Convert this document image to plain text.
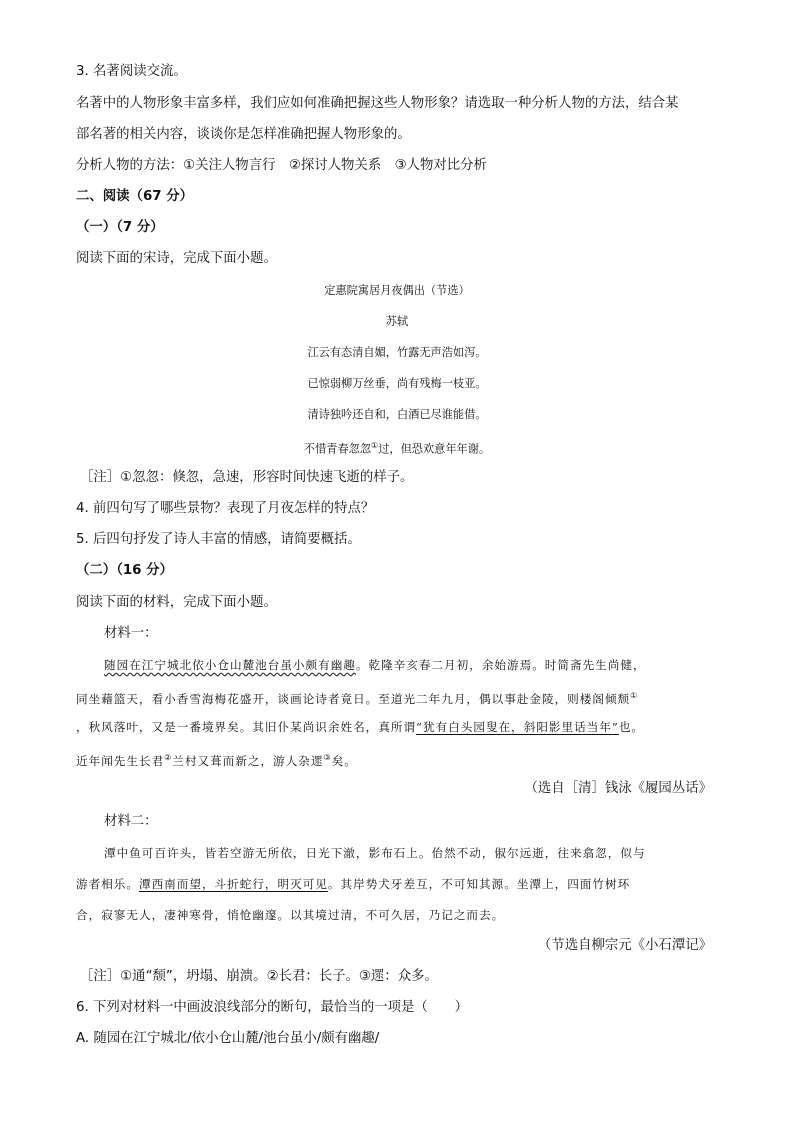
3. 名著阅读交流。
名著中的人物形象丰富多样，我们应如何准确把握这些人物形象？请选取一种分析人物的方法，结合某
部名著的相关内容，谈谈你是怎样准确把握人物形象的。
分析人物的方法：①关注人物言行　②探讨人物关系　③人物对比分析
二、阅读（67 分）
（一）（7 分）
阅读下面的宋诗，完成下面小题。
定惠院寓居月夜偶出（节选）
苏轼
江云有态清自媚，竹露无声浩如泻。
已惊弱柳万丝垂，尚有残梅一枝亚。
清诗独吟还自和，白酒已尽谁能借。
不惜青春忽忽①过，但恐欢意年年谢。
［注］①忽忽：倏忽，急速，形容时间快速飞逝的样子。
4. 前四句写了哪些景物？表现了月夜怎样的特点？
5. 后四句抒发了诗人丰富的情感，请简要概括。
（二）（16 分）
阅读下面的材料，完成下面小题。
材料一：
随园在江宁城北依小仓山麓池台虽小颇有幽趣。乾隆辛亥春二月初，余始游焉。时简斋先生尚健，
同坐藉篮天，看小香雪海梅花盛开，谈画论诗者竟日。至道光二年九月，偶以事赴金陵，则楼阁倾颓①
，秋风落叶，又是一番境界矣。其旧仆某尚识余姓名，真所谓“犹有白头园叟在，斜阳影里话当年”也。
近年闻先生长君②兰村又葺而新之，游人杂遝③矣。
（选自［清］钱泳《履园丛话》
材料二：
潭中鱼可百许头，皆若空游无所依，日光下澈，影布石上。佁然不动，俶尔远逝，往来翕忽，似与
游者相乐。潭西南而望，斗折蛇行，明灭可见。其岸势犬牙差互，不可知其源。坐潭上，四面竹树环
合，寂寥无人，凄神寒骨，悄怆幽邃。以其境过清，不可久居，乃记之而去。
（节选自柳宗元《小石潭记》
［注］①通“颓”，坍塌、崩溃。②长君：长子。③遝：众多。
6. 下列对材料一中画波浪线部分的断句，最恰当的一项是（　　）
A. 随园在江宁城北/依小仓山麓/池台虽小/颇有幽趣/
